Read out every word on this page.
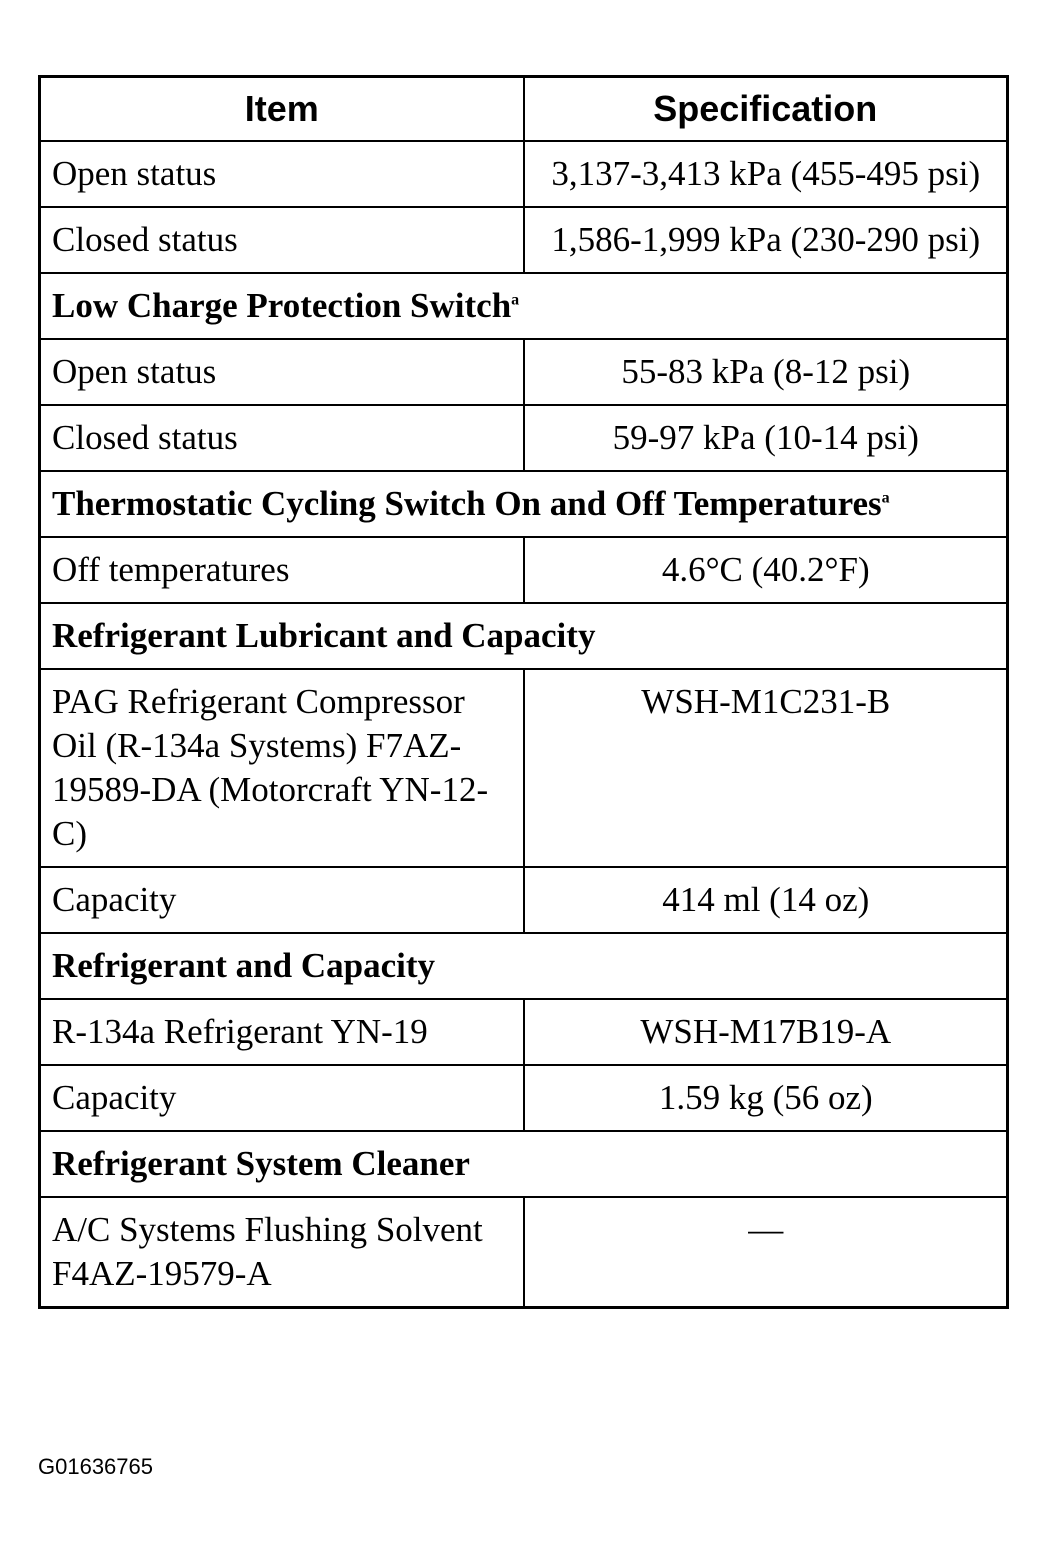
Item	Specification
Open status	3,137-3,413 kPa (455-495 psi)
Closed status	1,586-1,999 kPa (230-290 psi)
Low Charge Protection Switch$^a$
Open status	55-83 kPa (8-12 psi)
Closed status	59-97 kPa (10-14 psi)
Thermostatic Cycling Switch On and Off Temperatures$^a$
Off temperatures	4.6°C (40.2°F)
Refrigerant Lubricant and Capacity	
PAG Refrigerant Compressor Oil (R-134a Systems) F7AZ-19589-DA (Motorcraft YN-12-C)	WSH-M1C231-B
Capacity	414 ml (14 oz)
Refrigerant and Capacity	
R-134a Refrigerant YN-19	WSH-M17B19-A
Capacity	1.59 kg (56 oz)
Refrigerant System Cleaner	
A/C Systems Flushing Solvent F4AZ-19579-A	—
G01636765
